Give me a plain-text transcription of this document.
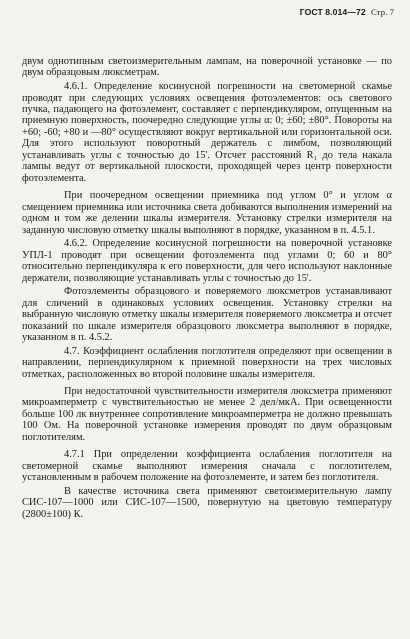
ГОСТ 8.014—72 Стр. 7

двум однотипным светоизмерительным лампам, на поверочной установке — по двум образцовым люксметрам.

4.6.1. Определение косинусной погрешности на светомерной скамье проводят при следующих условиях освещения фотоэлементов: ось светового пучка, падающего на фотоэлемент, составляет с перпендикуляром, опущенным на приемную поверхность, поочередно следующие углы α: 0; ±60; ±80°. Повороты на +60; -60; +80 и —80° осуществляют вокруг вертикальной или горизонтальной оси. Для этого используют поворотный держатель с лимбом, позволяющий устанавливать углы с точностью до 15'. Отсчет расстояний R₁ до тела накала лампы ведут от вертикальной плоскости, проходящей через центр поверхности фотоэлемента.

При поочередном освещении приемника под углом 0° и углом α смещением приемника или источника света добиваются выполнения измерений на одном и том же делении шкалы измерителя. Установку стрелки измерителя на заданную числовую отметку шкалы выполняют в порядке, указанном в п. 4.5.1.

4.6.2. Определение косинусной погрешности на поверочной установке УПЛ-1 проводят при освещении фотоэлемента под углами 0; 60 и 80° относительно перпендикуляра к его поверхности, для чего используют наклонные держатели, позволяющие устанавливать углы с точностью до 15'.

Фотоэлементы образцового и поверяемого люксметров устанавливают для сличений в одинаковых условиях освещения. Установку стрелки на выбранную числовую отметку шкалы измерителя поверяемого люксметра и отсчет показаний по шкале измерителя образцового люксметра выполняют в порядке, указанном в п. 4.5.2.

4.7. Коэффициент ослабления поглотителя определяют при освещении в направлении, перпендикулярном к приемной поверхности на трех числовых отметках, расположенных во второй половине шкалы измерителя.

При недостаточной чувствительности измерителя люксметра применяют микроамперметр с чувствительностью не менее 2 дел/мкА. При освещенности больше 100 лк внутреннее сопротивление микроамперметра не должно превышать 100 Ом. На поверочной установке измерения проводят по двум образцовым поглотителям.

4.7.1 При определении коэффициента ослабления поглотителя на светомерной скамье выполняют измерения сначала с поглотителем, установленным в рабочем положение на фотоэлементе, и затем без поглотителя.

В качестве источника света применяют светоизмерительную лампу СИС-107—1000 или СИС-107—1500, повернутую на цветовую температуру (2800±100) К.
